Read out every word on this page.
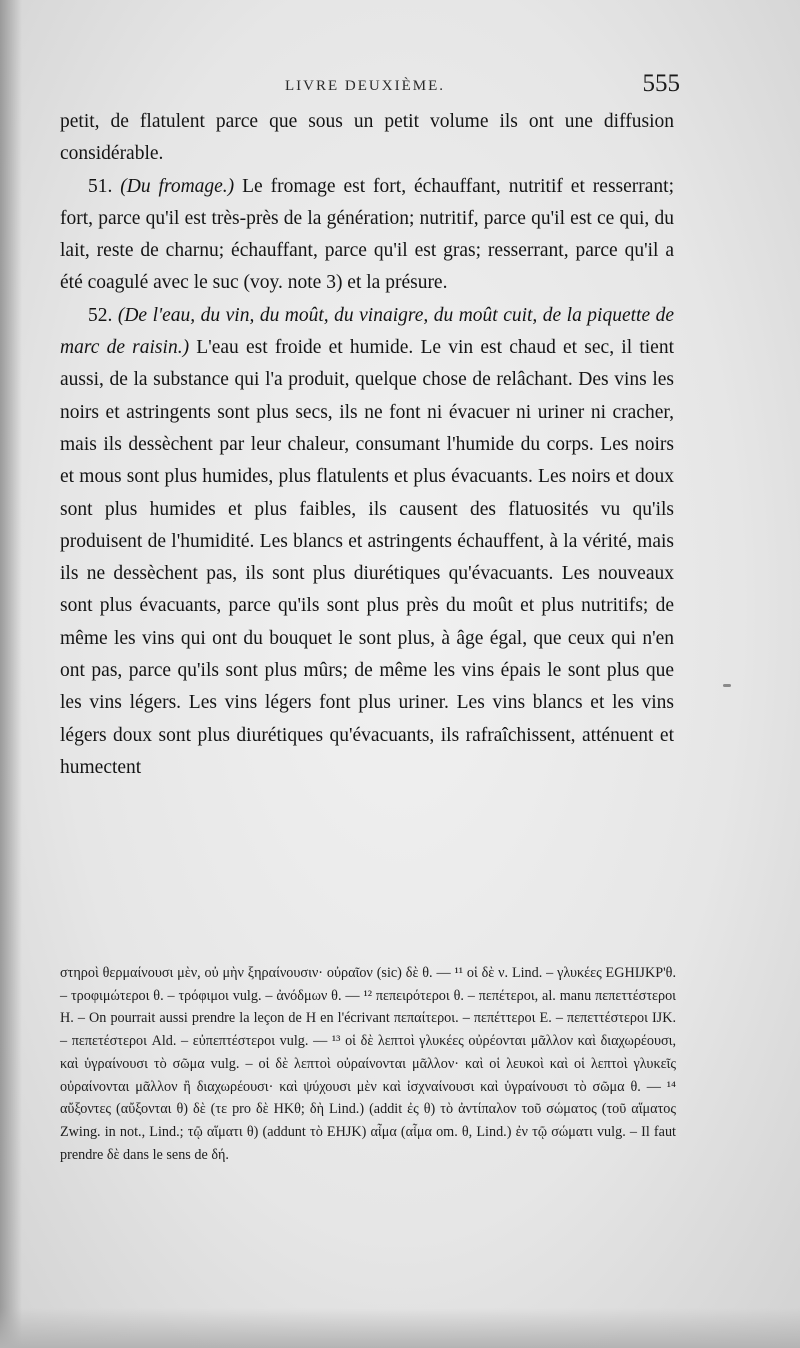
LIVRE DEUXIÈME.	555

petit, de flatulent parce que sous un petit volume ils ont une diffusion considérable.

51. (Du fromage.) Le fromage est fort, échauffant, nutritif et resserrant; fort, parce qu'il est très-près de la génération; nutritif, parce qu'il est ce qui, du lait, reste de charnu; échauffant, parce qu'il est gras; resserrant, parce qu'il a été coagulé avec le suc (voy. note 3) et la présure.

52. (De l'eau, du vin, du moût, du vinaigre, du moût cuit, de la piquette de marc de raisin.) L'eau est froide et humide. Le vin est chaud et sec, il tient aussi, de la substance qui l'a produit, quelque chose de relâchant. Des vins les noirs et astringents sont plus secs, ils ne font ni évacuer ni uriner ni cracher, mais ils dessèchent par leur chaleur, consumant l'humide du corps. Les noirs et mous sont plus humides, plus flatulents et plus évacuants. Les noirs et doux sont plus humides et plus faibles, ils causent des flatuosités vu qu'ils produisent de l'humidité. Les blancs et astringents échauffent, à la vérité, mais ils ne dessèchent pas, ils sont plus diurétiques qu'évacuants. Les nouveaux sont plus évacuants, parce qu'ils sont plus près du moût et plus nutritifs; de même les vins qui ont du bouquet le sont plus, à âge égal, que ceux qui n'en ont pas, parce qu'ils sont plus mûrs; de même les vins épais le sont plus que les vins légers. Les vins légers font plus uriner. Les vins blancs et les vins légers doux sont plus diurétiques qu'évacuants, ils rafraîchissent, atténuent et humectent

στηροὶ θερμαίνουσι μὲν, οὐ μὴν ξηραίνουσιν· οὐραῖον (sic) δὲ θ. — ¹¹ οἱ δὲ ν. Lind. – γλυκέες EGHIJKP'θ. – τροφιμώτεροι θ. – τρόφιμοι vulg. – ἀνόδμων θ. — ¹² πεπειρότεροι θ. – πεπέτεροι, al. manu πεπεττέστεροι H. – On pourrait aussi prendre la leçon de H en l'écrivant πεπαίτεροι. – πεπέττεροι E. – πεπεττέστεροι IJK. – πεπετέστεροι Ald. – εὐπεπτέστεροι vulg. — ¹³ οἱ δὲ λεπτοὶ γλυκέες οὐρέονται μᾶλλον καὶ διαχωρέουσι, καὶ ὑγραίνουσι τὸ σῶμα vulg. – οἱ δὲ λεπτοὶ οὐραίνονται μᾶλλον· καὶ οἱ λευκοὶ καὶ οἱ λεπτοὶ γλυκεῖς οὐραίνονται μᾶλλον ἢ διαχωρέουσι· καὶ ψύχουσι μὲν καὶ ἰσχναίνουσι καὶ ὑγραίνουσι τὸ σῶμα θ. — ¹⁴ αὔξοντες (αὔξονται θ) δὲ (τε pro δὲ HKθ; δὴ Lind.) (addit ἐς θ) τὸ ἀντίπαλον τοῦ σώματος (τοῦ αἵματος Zwing. in not., Lind.; τῷ αἵματι θ) (addunt τὸ EHJK) αἷμα (αἷμα om. θ, Lind.) ἐν τῷ σώματι vulg. – Il faut prendre δὲ dans le sens de δή.
